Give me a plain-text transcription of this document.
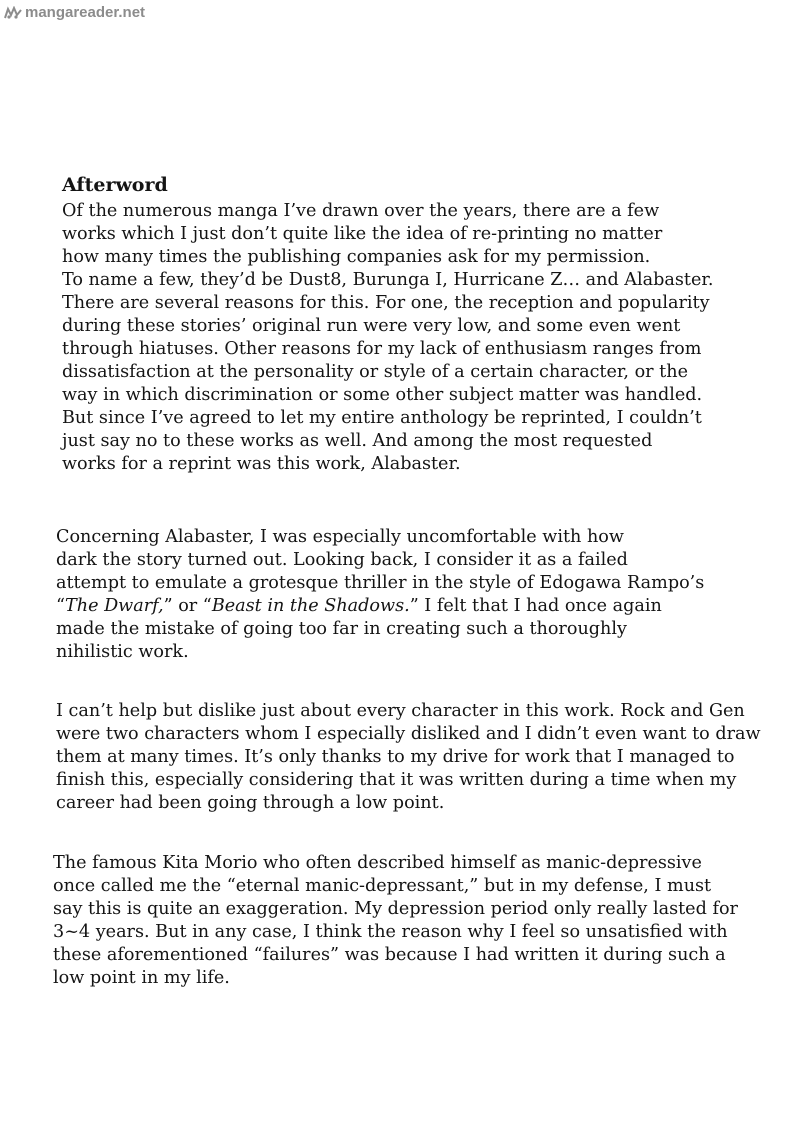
mangareader.net
Afterword

Of the numerous manga I’ve drawn over the years, there are a few
works which I just don’t quite like the idea of re-printing no matter
how many times the publishing companies ask for my permission.
To name a few, they’d be Dust8, Burunga I, Hurricane Z… and Alabaster.
There are several reasons for this. For one, the reception and popularity
during these stories’ original run were very low, and some even went
through hiatuses. Other reasons for my lack of enthusiasm ranges from
dissatisfaction at the personality or style of a certain character, or the
way in which discrimination or some other subject matter was handled.
But since I’ve agreed to let my entire anthology be reprinted, I couldn’t
just say no to these works as well. And among the most requested
works for a reprint was this work, Alabaster.

Concerning Alabaster, I was especially uncomfortable with how
dark the story turned out. Looking back, I consider it as a failed
attempt to emulate a grotesque thriller in the style of Edogawa Rampo’s
“The Dwarf,” or “Beast in the Shadows.” I felt that I had once again
made the mistake of going too far in creating such a thoroughly
nihilistic work.

I can’t help but dislike just about every character in this work. Rock and Gen
were two characters whom I especially disliked and I didn’t even want to draw
them at many times. It’s only thanks to my drive for work that I managed to
finish this, especially considering that it was written during a time when my
career had been going through a low point.

The famous Kita Morio who often described himself as manic-depressive
once called me the “eternal manic-depressant,” but in my defense, I must
say this is quite an exaggeration. My depression period only really lasted for
3~4 years. But in any case, I think the reason why I feel so unsatisfied with
these aforementioned “failures” was because I had written it during such a
low point in my life.
